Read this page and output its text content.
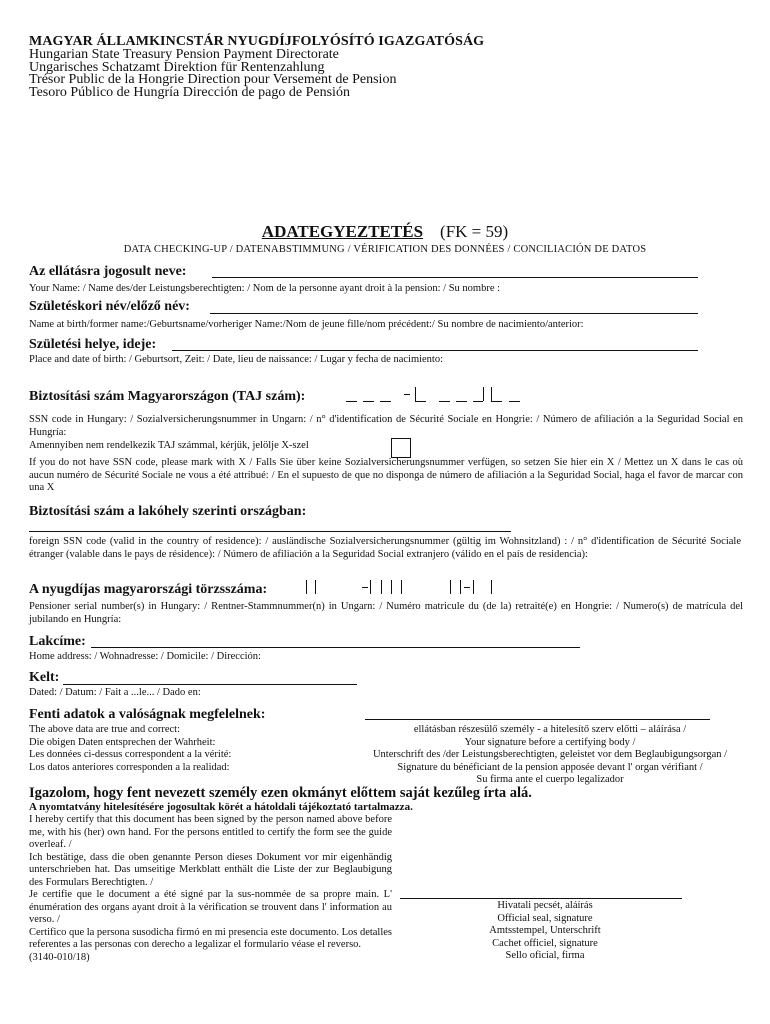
MAGYAR ÁLLAMKINCSTÁR NYUGDÍJFOLYÓSÍTÓ IGAZGATÓSÁG
Hungarian State Treasury Pension Payment Directorate
Ungarisches Schatzamt Direktion für Rentenzahlung
Trésor Public de la Hongrie Direction pour Versement de Pension
Tesoro Público de Hungría Dirección de pago de Pensión
ADATEGYEZTETÉS (FK = 59)
DATA CHECKING-UP / DATENABSTIMMUNG / VÉRIFICATION DES DONNÉES / CONCILIACIÓN DE DATOS
Az ellátásra jogosult neve:
Your Name: / Name des/der Leistungsberechtigten: / Nom de la personne ayant droit à la pension: / Su nombre :
Születéskori név/előző név:
Name at birth/former name:/Geburtsname/vorheriger Name:/Nom de jeune fille/nom précédent:/ Su nombre de nacimiento/anterior:
Születési helye, ideje:
Place and date of birth: / Geburtsort, Zeit: / Date, lieu de naissance: / Lugar y fecha de nacimiento:
Biztosítási szám Magyarországon (TAJ szám):
SSN code in Hungary: / Sozialversicherungsnummer in Ungarn: / n° d'identification de Sécurité Sociale en Hongrie: / Número de afiliación a la Seguridad Social en Hungría:
Amennyiben nem rendelkezik TAJ számmal, kérjük, jelölje X-szel
If you do not have SSN code, please mark with X / Falls Sie über keine Sozialversicherungsnummer verfügen, so setzen Sie hier ein X / Mettez un X dans le cas où aucun numéro de Sécurité Sociale ne vous a été attribué: / En el supuesto de que no disponga de número de afiliación a la Seguridad Social, haga el favor de marcar con una X
Biztosítási szám a lakóhely szerinti országban:
foreign SSN code (valid in the country of residence): / ausländische Sozialversicherungsnummer (gültig im Wohnsitzland) : / n° d'identification de Sécurité Sociale étranger (valable dans le pays de résidence): / Número de afiliación a la Seguridad Social extranjero (válido en el país de residencia):
A nyugdíjas magyarországi törzsszáma:
Pensioner serial number(s) in Hungary: / Rentner-Stammnummer(n) in Ungarn: / Numéro matricule du (de la) retraité(e) en Hongrie: / Numero(s) de matrícula del jubilando en Hungría:
Lakcíme:
Home address: / Wohnadresse: / Domicile: / Dirección:
Kelt:
Dated: / Datum: / Fait a ...le... / Dado en:
Fenti adatok a valóságnak megfelelnek:
The above data are true and correct:
Die obigen Daten entsprechen der Wahrheit:
Les données ci-dessus correspondent a la vérité:
Los datos anteriores corresponden a la realidad:
ellátásban részesülő személy - a hitelesítő szerv előtti – aláírása /
Your signature before a certifying body /
Unterschrift des /der Leistungsberechtigten, geleistet vor dem Beglaubigungsorgan /
Signature du bénéficiant de la pension apposée devant l' organ vérifiant /
Su firma ante el cuerpo legalizador
Igazolom, hogy fent nevezett személy ezen okmányt előttem saját kezűleg írta alá.
A nyomtatvány hitelesítésére jogosultak körét a hátoldali tájékoztató tartalmazza.
I hereby certify that this document has been signed by the person named above before me, with his (her) own hand. For the persons entitled to certify the form see the guide overleaf. /
Ich bestätige, dass die oben genannte Person dieses Dokument vor mir eigenhändig unterschrieben hat. Das umseitige Merkblatt enthält die Liste der zur Beglaubigung des Formulars Berechtigten. /
Je certifie que le document a été signé par la sus-nommée de sa propre main. L' énumération des organs ayant droit à la vérification se trouvent dans l' information au verso. /
Certifico que la persona susodicha firmó en mi presencia este documento. Los detalles referentes a las personas con derecho a legalizar el formulario véase el reverso.
(3140-010/18)
Hivatali pecsét, aláírás
Official seal, signature
Amtsstempel, Unterschrift
Cachet officiel, signature
Sello oficial, firma
